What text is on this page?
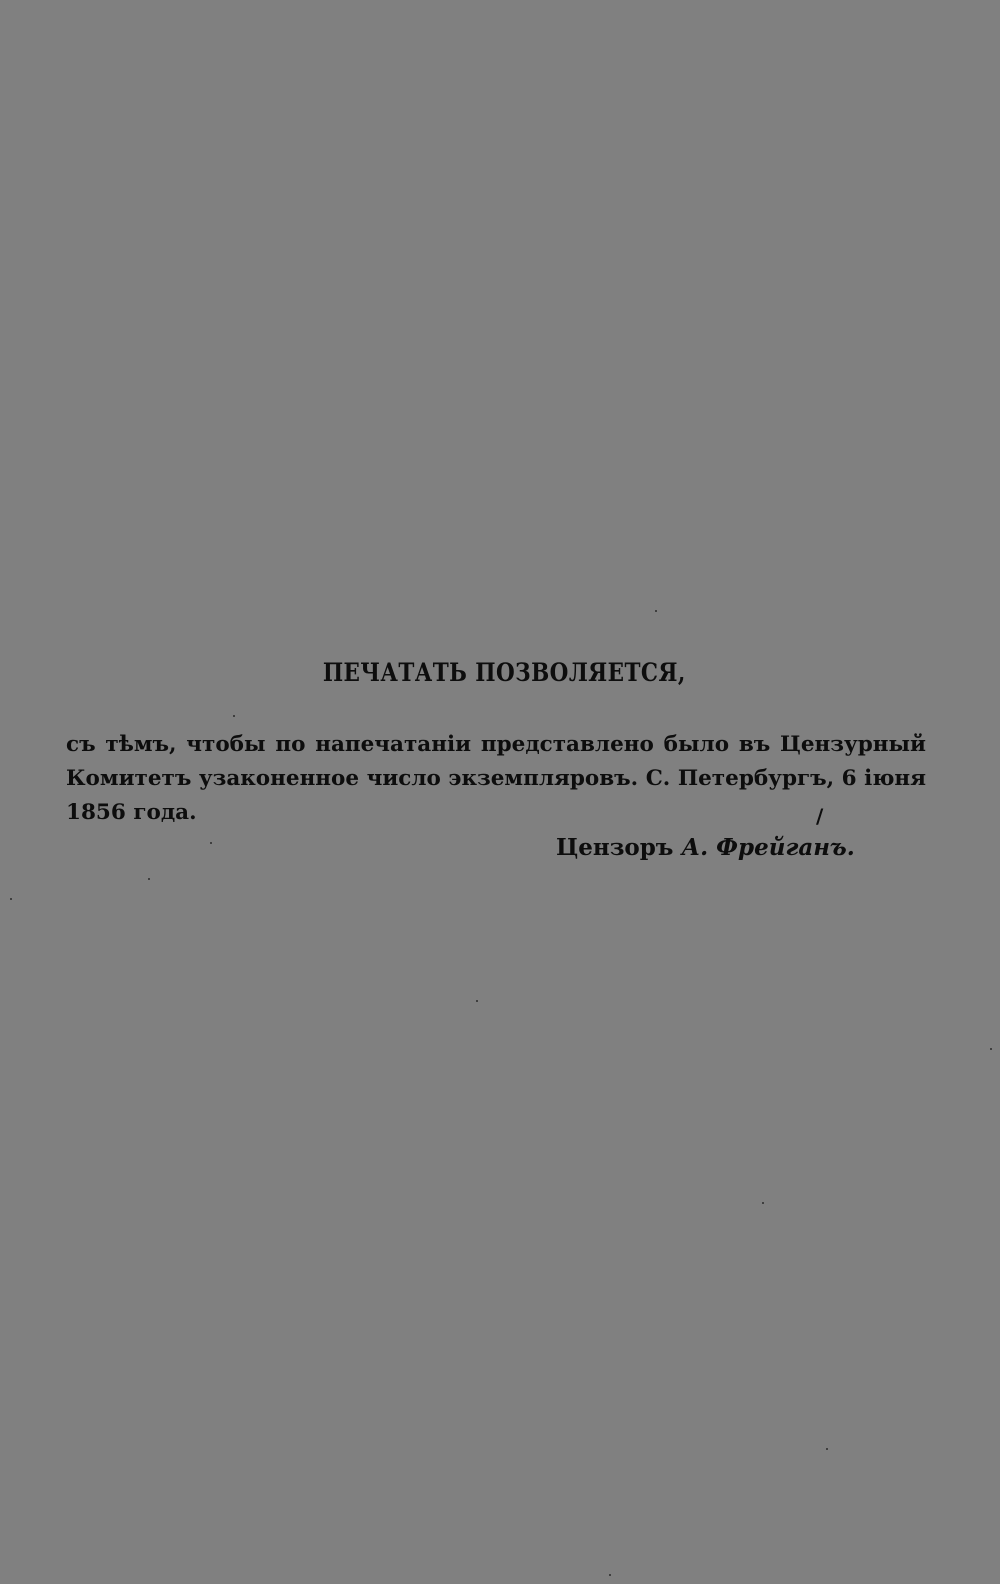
ПЕЧАТАТЬ ПОЗВОЛЯЕТСЯ,
съ тѣмъ, чтобы по напечатаніи представлено было въ Цензурный
Комитетъ узаконенное число экземпляровъ. С. Петербургъ, 6 іюня
1856 года.	/
Цензоръ А. Фрейганъ.
